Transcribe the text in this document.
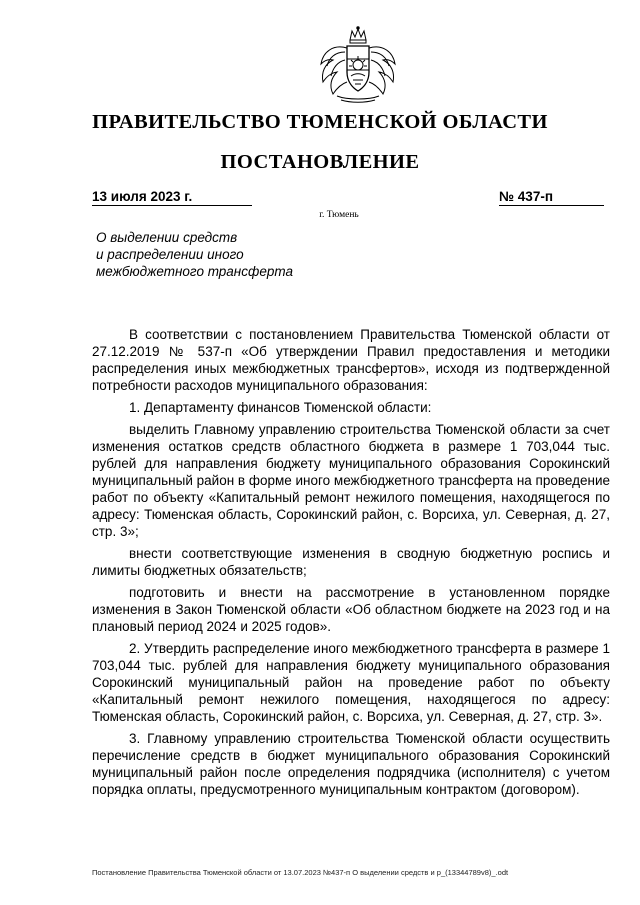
ПРАВИТЕЛЬСТВО ТЮМЕНСКОЙ ОБЛАСТИ
ПОСТАНОВЛЕНИЕ
13 июля 2023 г.	№ 437-п
г. Тюмень
О выделении средств
и распределении иного
межбюджетного трансферта

В соответствии с постановлением Правительства Тюменской области от 27.12.2019 № 537-п «Об утверждении Правил предоставления и методики распределения иных межбюджетных трансфертов», исходя из подтвержденной потребности расходов муниципального образования:

1. Департаменту финансов Тюменской области:

выделить Главному управлению строительства Тюменской области за счет изменения остатков средств областного бюджета в размере 1 703,044 тыс. рублей для направления бюджету муниципального образования Сорокинский муниципальный район в форме иного межбюджетного трансферта на проведение работ по объекту «Капитальный ремонт нежилого помещения, находящегося по адресу: Тюменская область, Сорокинский район, с. Ворсиха, ул. Северная, д. 27, стр. 3»;

внести соответствующие изменения в сводную бюджетную роспись и лимиты бюджетных обязательств;

подготовить и внести на рассмотрение в установленном порядке изменения в Закон Тюменской области «Об областном бюджете на 2023 год и на плановый период 2024 и 2025 годов».

2. Утвердить распределение иного межбюджетного трансферта в размере 1 703,044 тыс. рублей для направления бюджету муниципального образования Сорокинский муниципальный район на проведение работ по объекту «Капитальный ремонт нежилого помещения, находящегося по адресу: Тюменская область, Сорокинский район, с. Ворсиха, ул. Северная, д. 27, стр. 3».

3. Главному управлению строительства Тюменской области осуществить перечисление средств в бюджет муниципального образования Сорокинский муниципальный район после определения подрядчика (исполнителя) с учетом порядка оплаты, предусмотренного муниципальным контрактом (договором).

Постановление Правительства Тюменской области от 13.07.2023 №437-п О выделении средств и р_(13344789v8)_.odt
